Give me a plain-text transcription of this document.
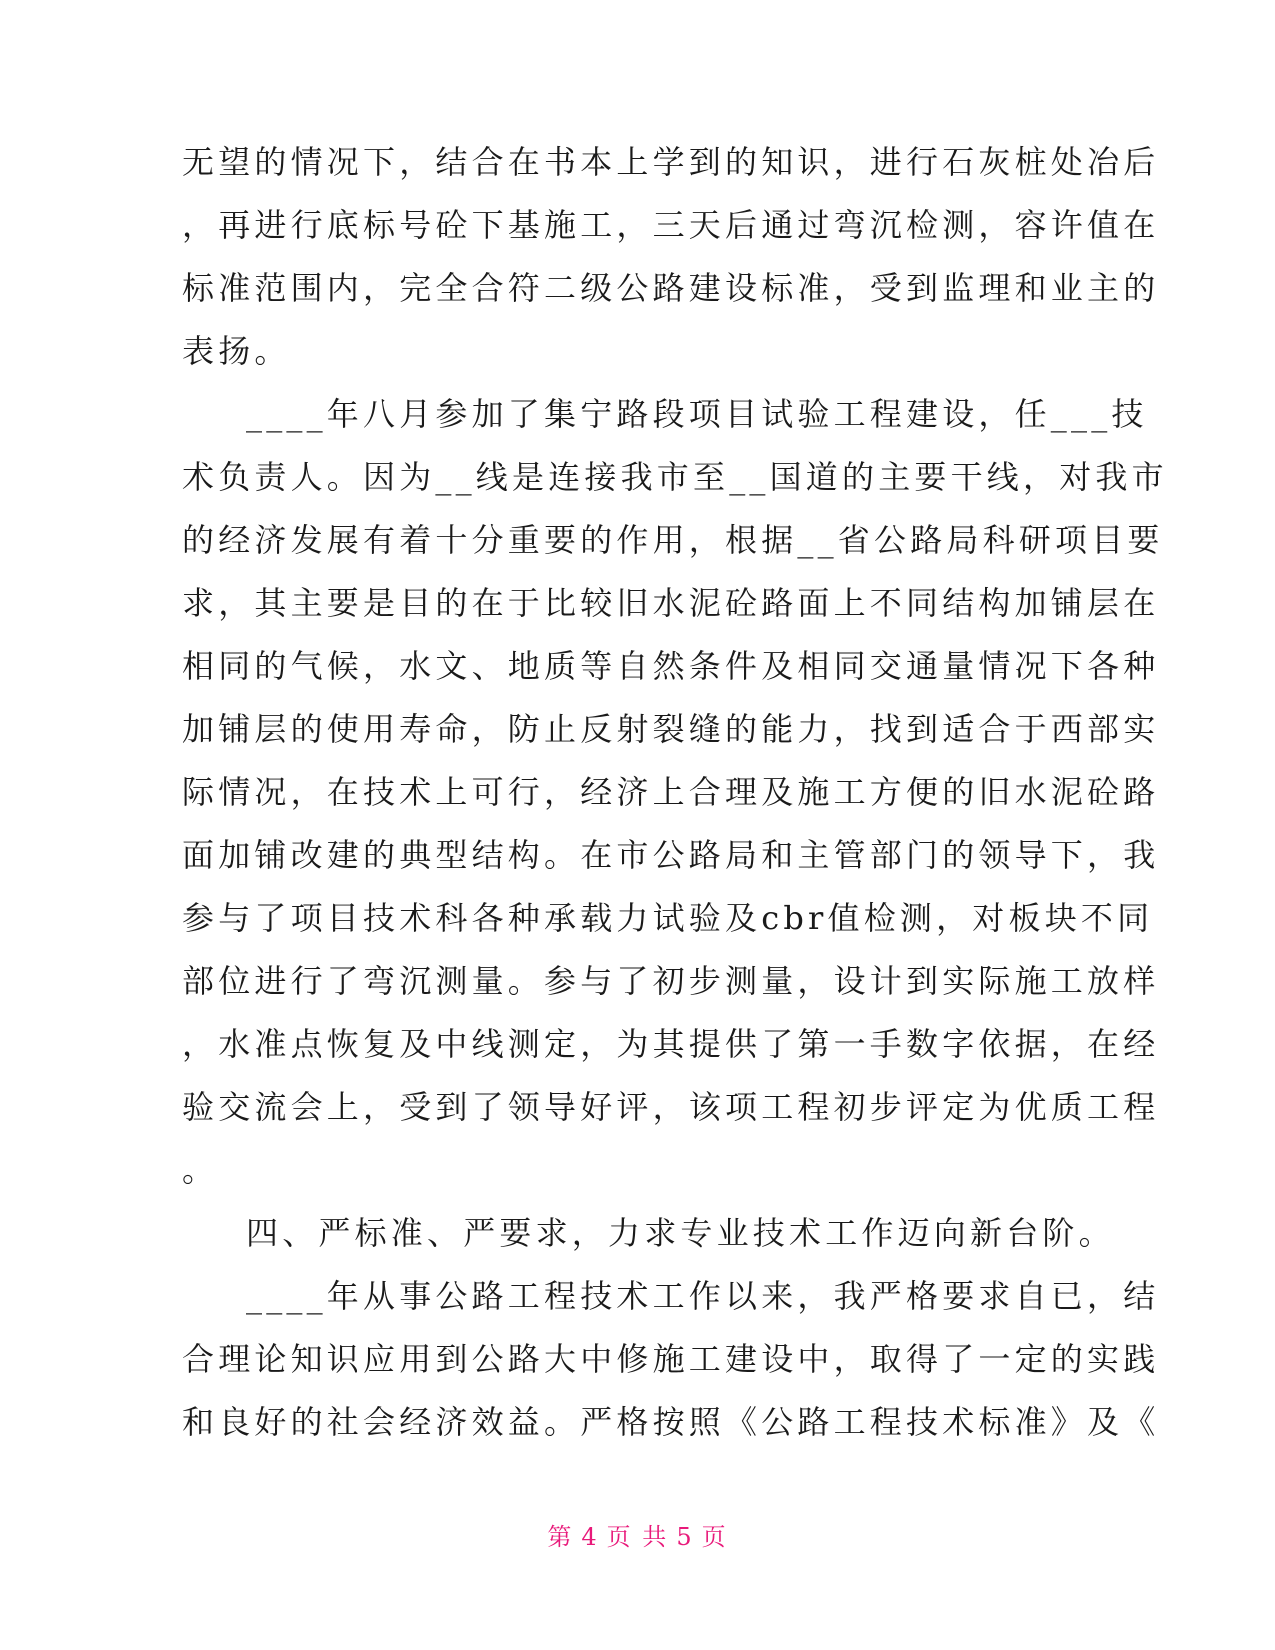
无望的情况下，结合在书本上学到的知识，进行石灰桩处冶后

，再进行底标号砼下基施工，三天后通过弯沉检测，容许值在

标准范围内，完全合符二级公路建设标准，受到监理和业主的

表扬。

____年八月参加了集宁路段项目试验工程建设，任___技

术负责人。因为__线是连接我市至__国道的主要干线，对我市

的经济发展有着十分重要的作用，根据__省公路局科研项目要

求，其主要是目的在于比较旧水泥砼路面上不同结构加铺层在

相同的气候，水文、地质等自然条件及相同交通量情况下各种

加铺层的使用寿命，防止反射裂缝的能力，找到适合于西部实

际情况，在技术上可行，经济上合理及施工方便的旧水泥砼路

面加铺改建的典型结构。在市公路局和主管部门的领导下，我

参与了项目技术科各种承载力试验及cbr值检测，对板块不同

部位进行了弯沉测量。参与了初步测量，设计到实际施工放样

，水准点恢复及中线测定，为其提供了第一手数字依据，在经

验交流会上，受到了领导好评，该项工程初步评定为优质工程

。

四、严标准、严要求，力求专业技术工作迈向新台阶。

____年从事公路工程技术工作以来，我严格要求自已，结

合理论知识应用到公路大中修施工建设中，取得了一定的实践

和良好的社会经济效益。严格按照《公路工程技术标准》及《

第 4 页 共 5 页
